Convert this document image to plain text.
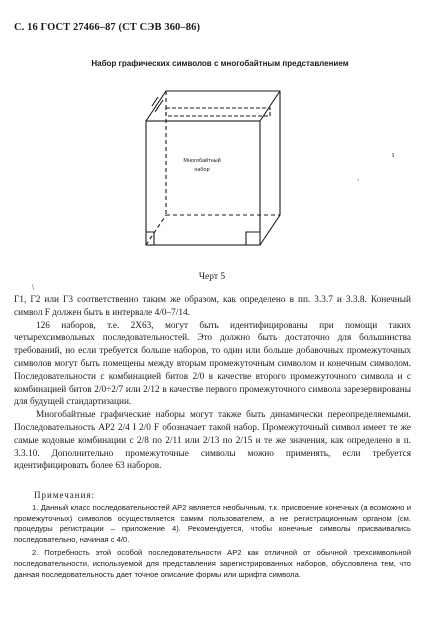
С. 16 ГОСТ 27466–87 (СТ СЭВ 360–86)
Набор графических символов с многобайтным представлением
Многобайтный
набор
ı
\
`
Черт 5

Г1, Г2 или Г3 соответственно таким же образом, как определено в пп. 3.3.7 и 3.3.8. Конечный символ F должен быть в интервале 4/0–7/14.

126 наборов, т.е. 2Х63, могут быть идентифицированы при помощи таких четырехсимвольных последовательностей. Это должно быть достаточно для большинства требований, но если требуется больше наборов, то один или больше добавочных промежуточных символов могут быть помещены между вторым промежуточным символом и конечным символом. Последовательности с комбинацией битов 2/0 в качестве второго промежуточного символа и с комбинацией битов 2/0÷2/7 или 2/12 в качестве первого промежуточного символа зарезервированы для будущей стандартизации.

Многобайтные графические наборы могут также быть динамически переопределяемыми. Последовательность АР2 2/4 I 2/0 F обозначает такой набор. Промежуточный символ имеет те же самые кодовые комбинации с 2/8 по 2/11 или 2/13 по 2/15 и те же значения, как определено в п. 3.3.10. Дополнительно промежуточные символы можно применять, если требуется идентифицировать более 63 наборов.

Примечания:

1. Данный класс последовательностей АР2 является необычным, т.к. присвоение конечных (а возможно и промежуточных) символов осуществляется самим пользователем, а не регистрационным органом (см. процедуры регистрации – приложение 4). Рекомендуется, чтобы конечные символы присваивались последовательно, начиная с 4/0.

2. Потребность этой особой последовательности АР2 как отличной от обычной трехсимвольной последовательности, используемой для представления зарегистрированных наборов, обусловлена тем, что данная последовательность дает точное описание формы или шрифта символа.
